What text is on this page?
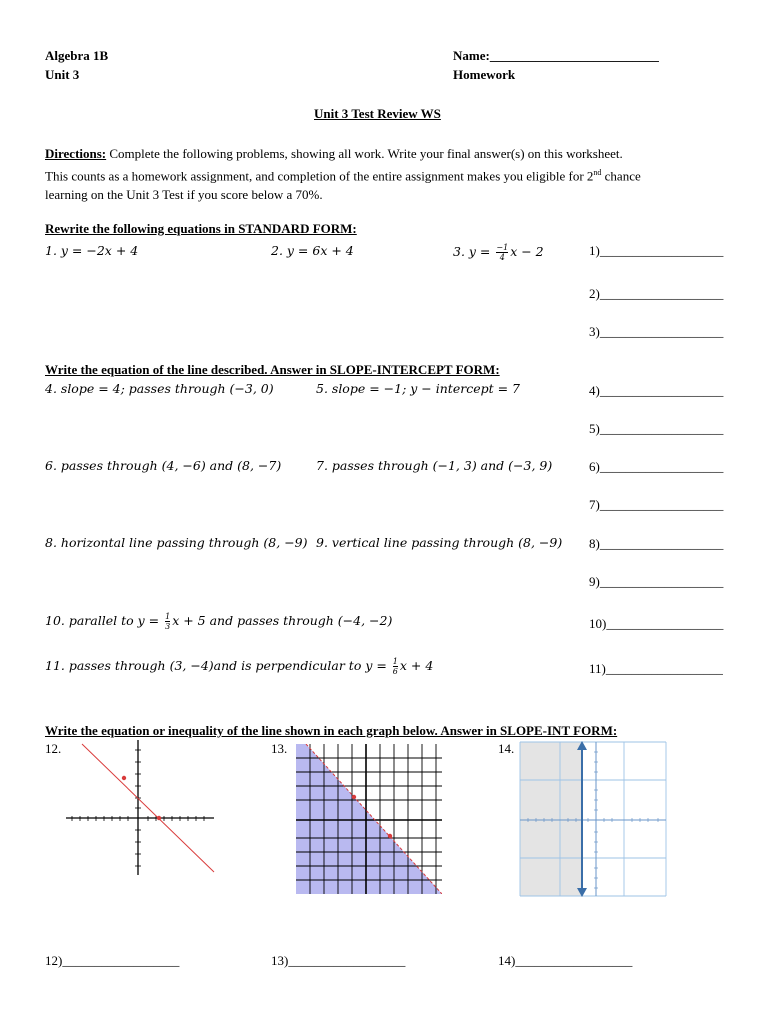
Algebra 1B
Unit 3
Name:__________________________
Homework
Unit 3 Test Review WS
Directions: Complete the following problems, showing all work. Write your final answer(s) on this worksheet.
This counts as a homework assignment, and completion of the entire assignment makes you eligible for 2nd chance
learning on the Unit 3 Test if you score below a 70%.
Rewrite the following equations in STANDARD FORM:
1. y = −2x + 4	2. y = 6x + 4	3. $y = \frac{-1}{4}$ x − 2	1)___________________
2)___________________
3)___________________
Write the equation of the line described. Answer in SLOPE-INTERCEPT FORM:
4. slope = 4; passes through (−3, 0)	5. slope = −1; y − intercept = 7	4)___________________
5)___________________
6. passes through (4, −6) and (8, −7)	7. passes through (−1, 3) and (−3, 9)	6)___________________
7)___________________
8. horizontal line passing through (8, −9) 9. vertical line passing through (8, −9) 8)___________________
9)___________________
10. parallel to $y = \frac{1}{3}$ x + 5 and passes through (−4, −2)	10)__________________
11. passes through (3, −4)and is perpendicular to $y = \frac{1}{6}$ x + 4	11)__________________
Write the equation or inequality of the line shown in each graph below. Answer in SLOPE-INT FORM:
12.	13.	14.
12)__________________	13)__________________	14)__________________
